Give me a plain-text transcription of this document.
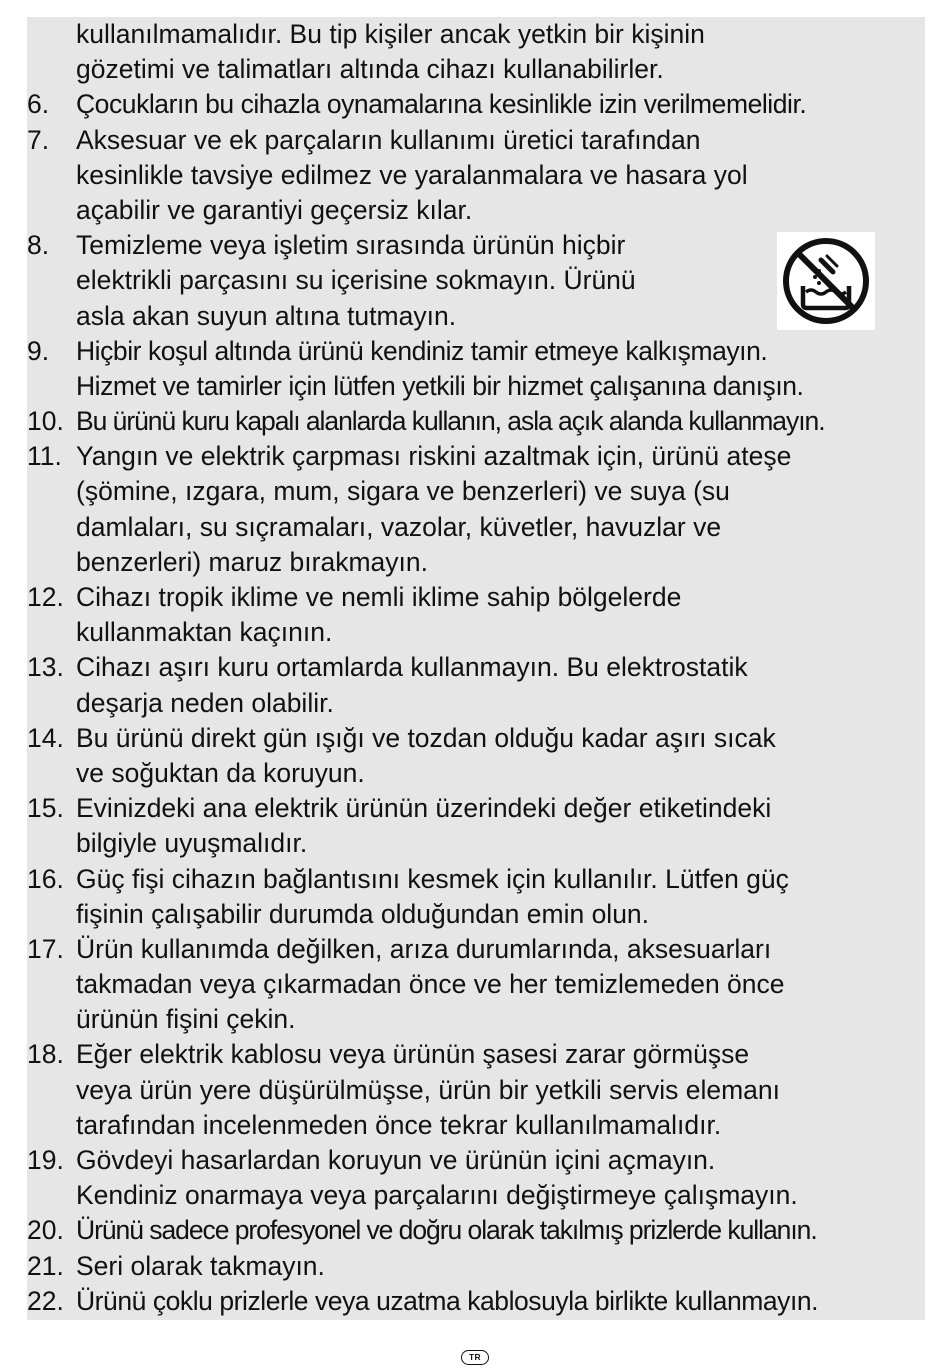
kullanılmamalıdır. Bu tip kişiler ancak yetkin bir kişinin
gözetimi ve talimatları altında cihazı kullanabilirler.
6.	Çocukların bu cihazla oynamalarına kesinlikle izin verilmemelidir.
7.	Aksesuar ve ek parçaların kullanımı üretici tarafından
kesinlikle tavsiye edilmez ve yaralanmalara ve hasara yol
açabilir ve garantiyi geçersiz kılar.
8.	Temizleme veya işletim sırasında ürünün hiçbir
elektrikli parçasını su içerisine sokmayın. Ürünü
asla akan suyun altına tutmayın.
9.	Hiçbir koşul altında ürünü kendiniz tamir etmeye kalkışmayın.
Hizmet ve tamirler için lütfen yetkili bir hizmet çalışanına danışın.
10. Bu ürünü kuru kapalı alanlarda kullanın, asla açık alanda kullanmayın.
11. Yangın ve elektrik çarpması riskini azaltmak için, ürünü ateşe
(şömine, ızgara, mum, sigara ve benzerleri) ve suya (su
damlaları, su sıçramaları, vazolar, küvetler, havuzlar ve
benzerleri) maruz bırakmayın.
12. Cihazı tropik iklime ve nemli iklime sahip bölgelerde
kullanmaktan kaçının.
13. Cihazı aşırı kuru ortamlarda kullanmayın. Bu elektrostatik
deşarja neden olabilir.
14. Bu ürünü direkt gün ışığı ve tozdan olduğu kadar aşırı sıcak
ve soğuktan da koruyun.
15. Evinizdeki ana elektrik ürünün üzerindeki değer etiketindeki
bilgiyle uyuşmalıdır.
16. Güç fişi cihazın bağlantısını kesmek için kullanılır. Lütfen güç
fişinin çalışabilir durumda olduğundan emin olun.
17. Ürün kullanımda değilken, arıza durumlarında, aksesuarları
takmadan veya çıkarmadan önce ve her temizlemeden önce
ürünün fişini çekin.
18. Eğer elektrik kablosu veya ürünün şasesi zarar görmüşse
veya ürün yere düşürülmüşse, ürün bir yetkili servis elemanı
tarafından incelenmeden önce tekrar kullanılmamalıdır.
19. Gövdeyi hasarlardan koruyun ve ürünün içini açmayın.
Kendiniz onarmaya veya parçalarını değiştirmeye çalışmayın.
20. Ürünü sadece profesyonel ve doğru olarak takılmış prizlerde kullanın.
21. Seri olarak takmayın.
22. Ürünü çoklu prizlerle veya uzatma kablosuyla birlikte kullanmayın.
TR
